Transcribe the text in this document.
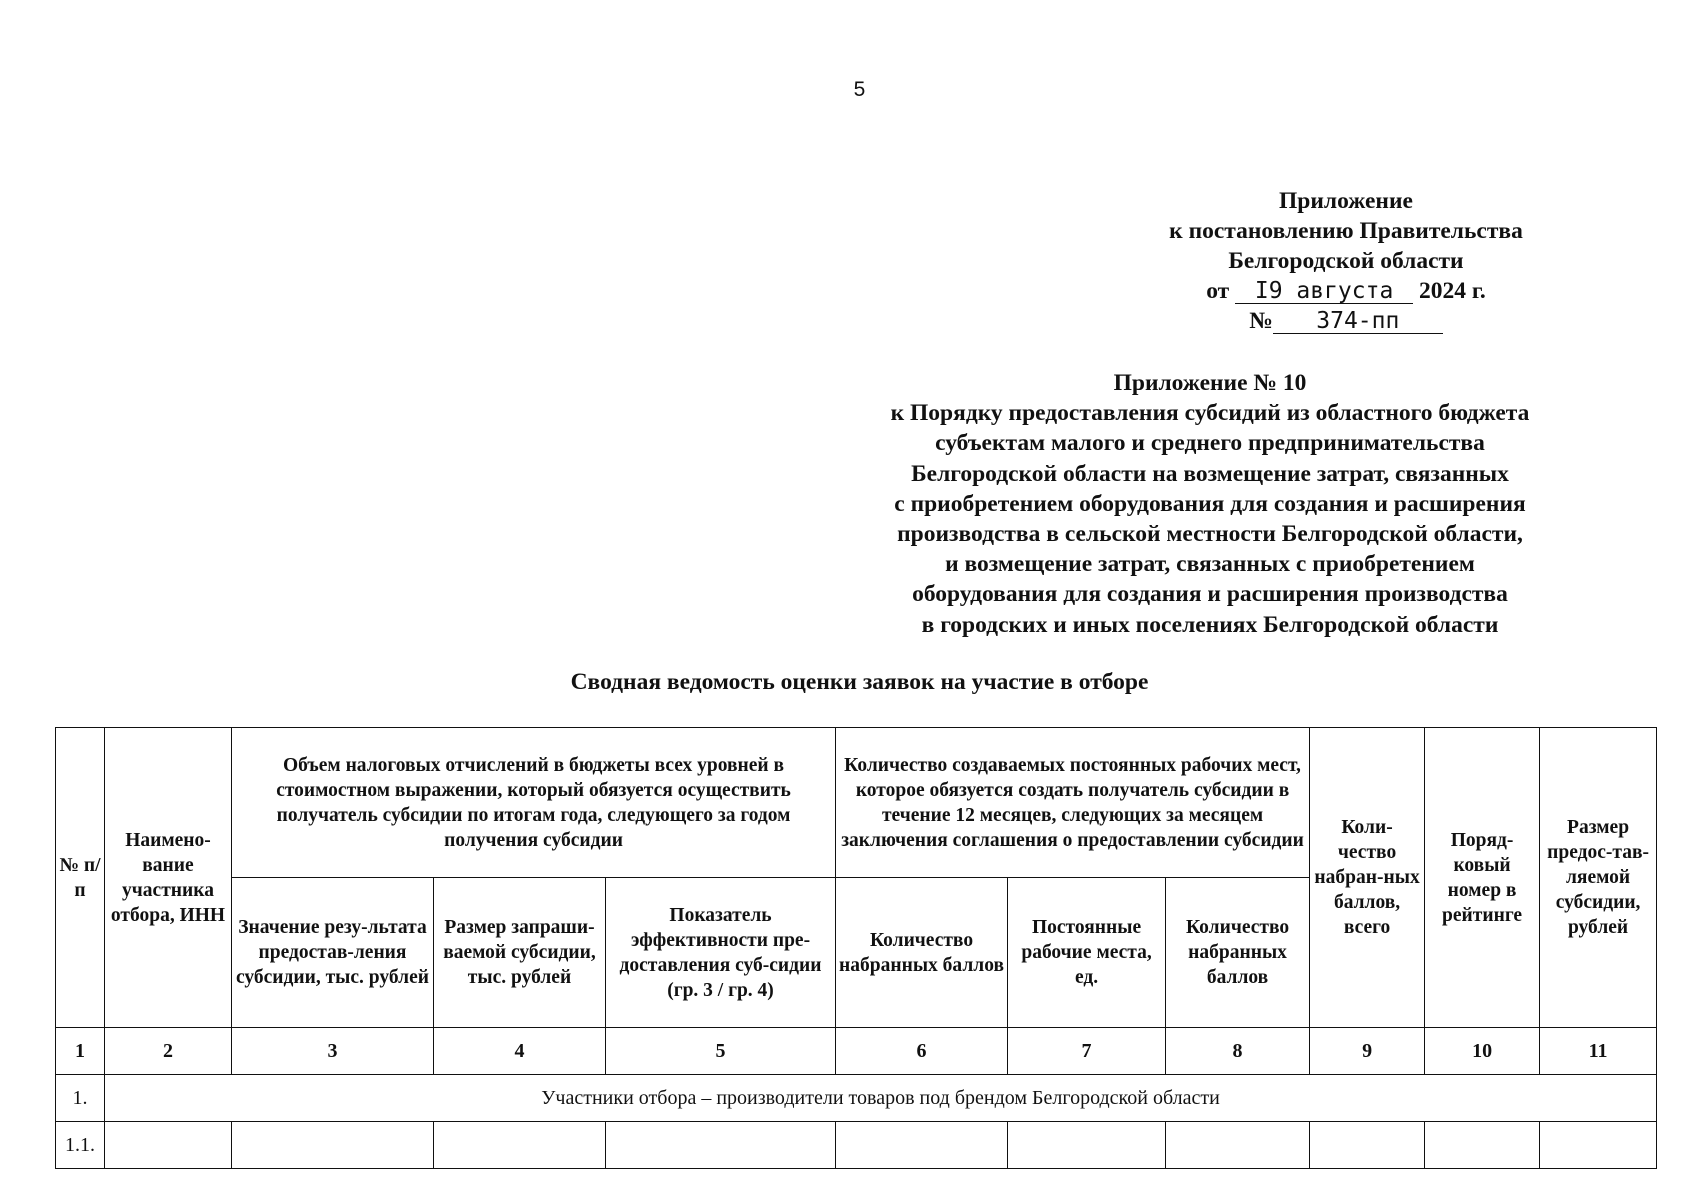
5
Приложение
к постановлению Правительства
Белгородской области
от I9 августа 2024 г.
№ 374-пп
Приложение № 10
к Порядку предоставления субсидий из областного бюджета
субъектам малого и среднего предпринимательства
Белгородской области на возмещение затрат, связанных
с приобретением оборудования для создания и расширения
производства в сельской местности Белгородской области,
и возмещение затрат, связанных с приобретением
оборудования для создания и расширения производства
в городских и иных поселениях Белгородской области
Сводная ведомость оценки заявок на участие в отборе
№ п/п	Наимено-вание участника отбора, ИНН	Объем налоговых отчислений в бюджеты всех уровней в стоимостном выражении, который обязуется осуществить получатель субсидии по итогам года, следующего за годом получения субсидии			Количество создаваемых постоянных рабочих мест, которое обязуется создать получатель субсидии в течение 12 месяцев, следующих за месяцем заключения соглашения о предоставлении субсидии			Коли-чество набран-ных баллов, всего	Поряд-ковый номер в рейтинге	Размер предос-тав-ляемой субсидии, рублей
		Значение резу-льтата предостав-ления субсидии, тыс. рублей	Размер запраши-ваемой субсидии, тыс. рублей	Показатель эффективности пре-доставления суб-сидии (гр. 3 / гр. 4)	Количество набранных баллов	Постоянные рабочие места, ед.	Количество набранных баллов			
1	2	3	4	5	6	7	8	9	10	11
1.	Участники отбора – производители товаров под брендом Белгородской области									
1.1.										
